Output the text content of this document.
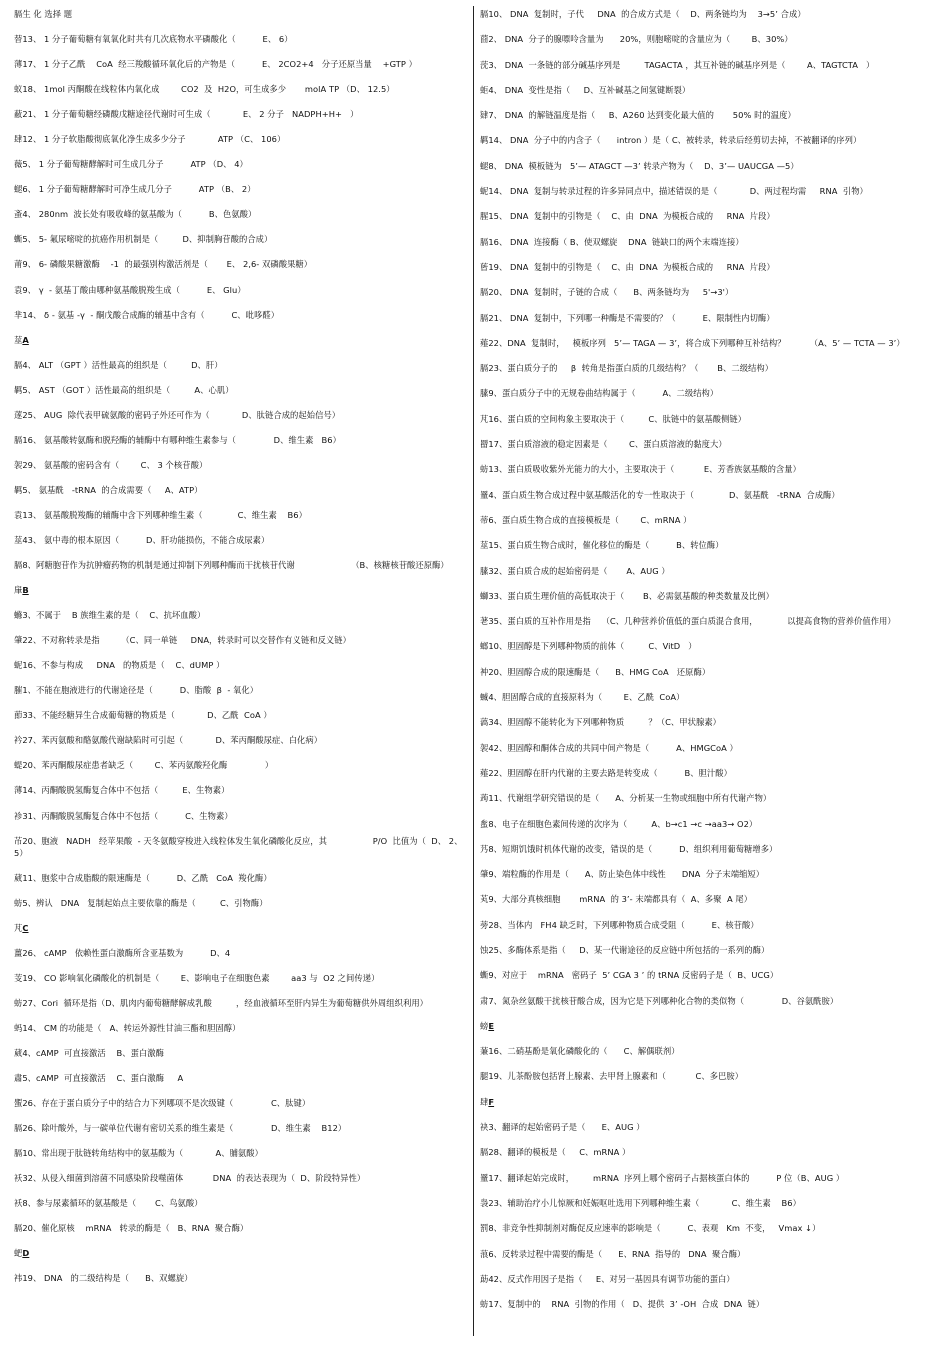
膈生 化 选择 题

替13、 1 分子葡萄糖有氧氧化时共有几次底物水平磷酸化（          E、 6）

薄17、 1 分子乙酰    CoA  经三羧酸循环氧化后的产物是（          E、 2CO2+4   分子还原当量    +GTP ）

蚁18、 1mol 丙酮酸在线粒体内氧化成        CO2  及  H2O，可生成多少       molA TP （D、 12.5）

蔽21、 1 分子葡萄糖经磷酸戊糖途径代谢时可生成（            E、 2 分子   NADPH+H+   ）

肆12、 1 分子软脂酸彻底氧化净生成多少分子            ATP （C、 106）

薇5、 1 分子葡萄糖酵解时可生成几分子          ATP （D、 4）

螁6、 1 分子葡萄糖酵解时可净生成几分子          ATP （B、 2）

蚉4、 280nm  波长处有吸收峰的氨基酸为（          B、色氨酸）

蟖5、 5- 氟尿嘧啶的抗癌作用机制是（         D、抑制胸苷酸的合成）

莆9、 6- 磷酸果糖激酶    -1  的最强别构激活剂是（       E、 2,6- 双磷酸果糖）

袁9、 γ  - 氨基丁酸由哪种氨基酸脱羧生成（          E、 Glu）

芈14、 δ - 氨基 -γ  - 酮戊酸合成酶的辅基中含有（          C、吡哆醛）

莁A

膈4、 ALT （GPT ）活性最高的组织是（         D、肝）

羁5、 AST （GOT ）活性最高的组织是（         A、心肌）

蓫25、 AUG  除代表甲硫氨酸的密码子外还可作为（            D、肽链合成的起始信号）

膈16、 氨基酸转氨酶和脱羟酶的辅酶中有哪种维生素参与（              D、维生素   B6）

袈29、 氨基酸的密码含有（        C、 3 个核苷酸）

羁5、 氨基酰   -tRNA  的合成需要（     A、ATP）

袁13、 氨基酸脱羧酶的辅酶中含下列哪种维生素（             C、维生素    B6）

莁43、 氨中毒的根本原因（          D、肝功能损伤，不能合成尿素）

膈8、阿糖胞苷作为抗肿瘤药物的机制是通过抑制下列哪种酶而干扰核苷代谢                     （B、核糖核苷酸还原酶）

肁B

螩3、不属于    B 族维生素的是（    C、抗坏血酸）

肇22、不对称转录是指        （C、同一单链     DNA，转录时可以交替作有义链和反义链）

蚭16、不参与构成     DNA   的物质是（    C、dUMP ）

膗1、不能在胞液进行的代谢途径是（          D、脂酸  β  - 氧化）

莭33、不能经糖异生合成葡萄糖的物质是（            D、乙酰  CoA ）

衿27、苯丙氨酸和酪氨酸代谢缺陷时可引起（            D、苯丙酮酸尿症、白化病）

蝭20、苯丙酮酸尿症患者缺乏（        C、苯丙氨酸羟化酶              ）

薄14、丙酮酸脱氢酶复合体中不包括（         E、生物素）

袗31、丙酮酸脱氢酶复合体中不包括（          C、生物素）

芇20、胞液   NADH   经苹果酸  - 天冬氨酸穿梭进入线粒体发生氧化磷酸化反应，其                 P/O  比值为（  D、 2、5）

葳11、胞浆中合成脂酸的限速酶是（          D、乙酰   CoA  羧化酶）

蚄5、辨认   DNA   复制起始点主要依靠的酶是（         C、引物酶）

芃C

薑26、 cAMP   依赖性蛋白激酶所含亚基数为          D、4

芰19、 CO 影响氧化磷酸化的机制是（        E、影响电子在细胞色素        aa3 与  O2 之间传递）

蚄27、Cori  循环是指（D、肌肉内葡萄糖酵解成乳酸         ，经血液循环至肝内异生为葡萄糖供外周组织利用）

蚂14、 CM 的功能是（   A、转运外源性甘油三酯和胆固醇）

葳4、cAMP  可直接激活    B、蛋白激酶

肅5、cAMP  可直接激活    C、蛋白激酶     A

蜰26、存在于蛋白质分子中的结合力下列哪项不是次级键（              C、肽键）

膈26、除叶酸外，与一碳单位代谢有密切关系的维生素是（              D、维生素    B12）

膈10、常出现于肽链转角结构中的氨基酸为（            A、脯氨酸）

袄32、从侵入细菌到溶菌不同感染阶段噬菌体           DNA  的表达表现为（  D、阶段特异性）

袄8、参与尿素循环的氨基酸是（       C、鸟氨酸）

膈20、催化原核    mRNA   转录的酶是（   B、RNA  聚合酶）

蚆D

袆19、 DNA   的二级结构是（      B、双螺旋）

膈10、 DNA  复制时，子代     DNA  的合成方式是（    D、两条链均为    3→5’ 合成）

莔2、 DNA  分子的腺嘌呤含量为      20%，则胞嘧啶的含量应为（        B、30%）

莐3、 DNA  一条链的部分碱基序列是         TAGACTA ，其互补链的碱基序列是（        A、TAGTCTA   ）

蚷4、 DNA  变性是指（     D、互补碱基之间氢键断裂）

肄7、 DNA  的解链温度是指（     B、A260 达到变化最大值的       50% 时的温度）

羁14、 DNA  分子中的内含子（      intron ）是（ C、被转录，转录后经剪切去掉，不被翻译的序列）

螁8、 DNA  模板链为   5’— ATAGCT —3’ 转录产物为（    D、3’— UAUCGA —5）

蚭14、 DNA  复制与转录过程的许多异同点中，描述错误的是（            D、两过程均需     RNA  引物）

腥15、 DNA  复制中的引物是（    C、由  DNA  为模板合成的     RNA  片段）

膈16、 DNA  连接酶（ B、使双螺旋    DNA  链缺口的两个末端连接）

蒈19、 DNA  复制中的引物是（    C、由  DNA  为模板合成的     RNA  片段）

膈20、 DNA  复制时，子链的合成（      B、两条链均为     5'→3'）

膈21、 DNA  复制中，下列哪一种酶是不需要的？（          E、限制性内切酶）

薤22、DNA  复制时，   模板序列   5’— TAGA — 3’，将合成下列哪种互补结构？         （A、5’ — TCTA — 3’）

膈23、蛋白质分子的     β  转角是指蛋白质的几级结构？（       B、二级结构）

膆9、蛋白质分子中的无规卷曲结构属于（          A、二级结构）

芃16、蛋白质的空间构象主要取决于（         C、肽链中的氨基酸侧链）

罶17、蛋白质溶液的稳定因素是（        C、蛋白质溶液的黏度大）

蚄13、蛋白质吸收紫外光能力的大小，主要取决于（           E、芳香族氨基酸的含量）

罿4、蛋白质生物合成过程中氨基酸活化的专一性取决于（             D、氨基酰   -tRNA  合成酶）

蒂6、蛋白质生物合成的直接模板是（        C、mRNA ）

莁15、蛋白质生物合成时，催化移位的酶是（          B、转位酶）

膆32、蛋白质合成的起始密码是（       A、AUG ）

螄33、蛋白质生理价值的高低取决于（       B、必需氨基酸的种类数量及比例）

荖35、蛋白质的互补作用是指    （C、几种营养价值低的蛋白质混合食用，           以提高食物的营养价值作用）

螂10、胆固醇是下列哪种物质的前体（         C、VitD   ）

衶20、胆固醇合成的限速酶是（      B、HMG CoA   还原酶）

蝛4、胆固醇合成的直接原料为（        E、乙酰  CoA）

薃34、胆固醇不能转化为下列哪种物质         ？（C、甲状腺素）

袈42、胆固醇和酮体合成的共同中间产物是（          A、HMGCoA ）

薤22、胆固醇在肝内代谢的主要去路是转变成（          B、胆汁酸）

蒟11、代谢组学研究错误的是（      A、分析某一生物或细胞中所有代谢产物）

蚃8、电子在细胞色素间传递的次序为（         A、b→c1 →c →aa3→ O2）

艿8、短期饥饿时机体代谢的改变，错误的是（          D、组织利用葡萄糖增多）

肇9、端粒酶的作用是（      A、防止染色体中线性      DNA  分子末端缩短）

芄9、大部分真核细胞       mRNA  的 3’- 末端都具有（  A、多聚  A 尾）

蒡28、当体内   FH4 缺乏时，下列哪种物质合成受阻（          E、核苷酸）

蚀25、多酶体系是指（     D、某一代谢途径的反应链中所包括的一系列的酶）

蟖9、对应于    mRNA   密码子  5’ CGA 3 ’ 的 tRNA 反密码子是（  B、UCG）

肃7、氮杂丝氨酸干扰核苷酸合成，因为它是下列哪种化合物的类似物（              D、谷氨酰胺）

螃E

蒹16、二硝基酚是氧化磷酸化的（      C、解偶联剂）

腿19、儿茶酚胺包括肾上腺素、去甲肾上腺素和（           C、多巴胺）

肆F

袂3、翻译的起始密码子是（      E、AUG ）

膈28、翻译的模板是（     C、mRNA ）

罿17、翻译起始完成时，       mRNA  序列上哪个密码子占据核蛋白体的          P 位（B、AUG ）

袅23、辅助治疗小儿惊厥和妊娠呕吐选用下列哪种维生素（            C、维生素    B6）

罰8、非竞争性抑制剂对酶促反应速率的影响是（          C、表观   Km  不变，   Vmax ↓）

蒗6、反转录过程中需要的酶是（      E、RNA  指导的   DNA  聚合酶）

莇42、反式作用因子是指（     E、对另一基因具有调节功能的蛋白）

蚄17、复制中的    RNA  引物的作用（   D、提供  3’ -OH  合成  DNA  链）
